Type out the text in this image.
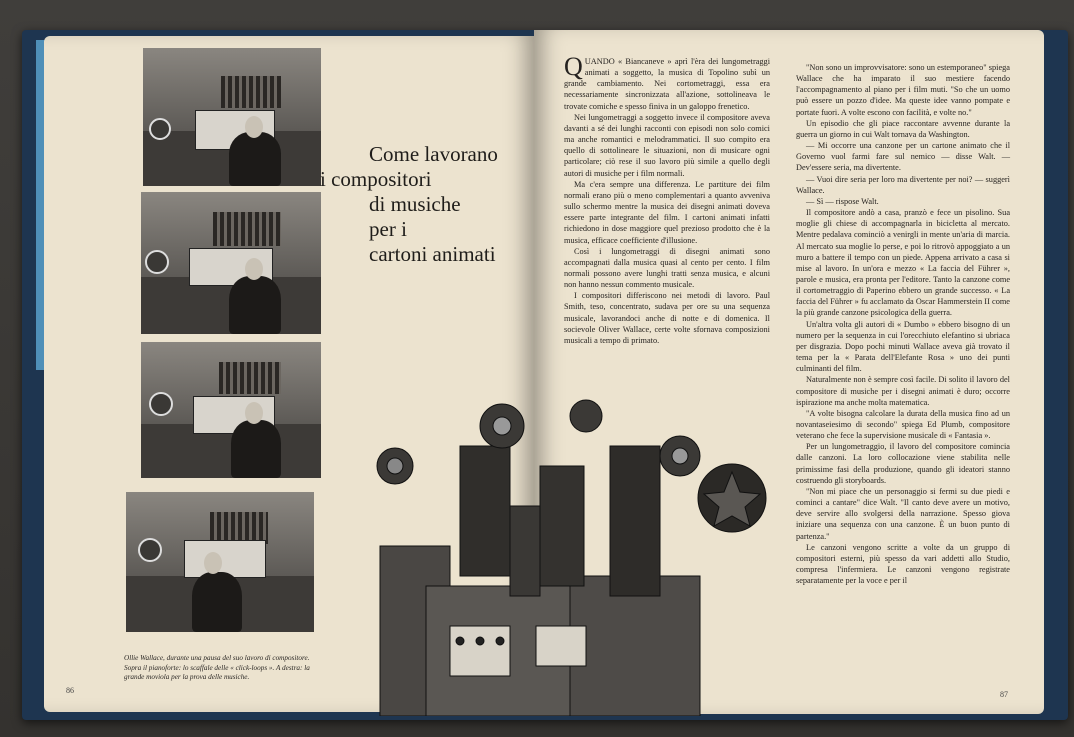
Come lavorano
i compositori
di musiche
per i
cartoni animati
Ollie Wallace, durante una pausa del suo lavoro di compositore. Sopra il pianoforte: lo scaffale delle « click-loops ». A destra: la grande moviola per la prova delle musiche.
86

QUANDO « Biancaneve » aprì l'èra dei lungometraggi animati a soggetto, la musica di Topolino subì un grande cambiamento. Nei cortometraggi, essa era necessariamente sincronizzata all'azione, sottolineava le trovate comiche e spesso finiva in un galoppo frenetico.

Nei lungometraggi a soggetto invece il compositore aveva davanti a sé dei lunghi racconti con episodi non solo comici ma anche romantici e melodrammatici. Il suo compito era quello di sottolineare le situazioni, non di musicare ogni particolare; ciò rese il suo lavoro più simile a quello degli autori di musiche per i film normali.

Ma c'era sempre una differenza. Le partiture dei film normali erano più o meno complementari a quanto avveniva sullo schermo mentre la musica dei disegni animati doveva essere parte integrante del film. I cartoni animati infatti richiedono in dose maggiore quel prezioso prodotto che è la musica, efficace coefficiente d'illusione.

Così i lungometraggi di disegni animati sono accompagnati dalla musica quasi al cento per cento. I film normali possono avere lunghi tratti senza musica, e alcuni non hanno nessun commento musicale.

I compositori differiscono nei metodi di lavoro. Paul Smith, teso, concentrato, sudava per ore su una sequenza musicale, lavorandoci anche di notte e di domenica. Il socievole Oliver Wallace, certe volte sfornava composizioni musicali a tempo di primato.

"Non sono un improvvisatore: sono un estemporaneo" spiega Wallace che ha imparato il suo mestiere facendo l'accompagnamento al piano per i film muti. "So che un uomo può essere un pozzo d'idee. Ma queste idee vanno pompate e portate fuori. A volte escono con facilità, e volte no."

Un episodio che gli piace raccontare avvenne durante la guerra un giorno in cui Walt tornava da Washington.

— Mi occorre una canzone per un cartone animato che il Governo vuol farmi fare sul nemico — disse Walt. — Dev'essere seria, ma divertente.

— Vuoi dire seria per loro ma divertente per noi? — suggerì Wallace.

— Sì — rispose Walt.

Il compositore andò a casa, pranzò e fece un pisolino. Sua moglie gli chiese di accompagnarla in bicicletta al mercato. Mentre pedalava cominciò a venirgli in mente un'aria di marcia. Al mercato sua moglie lo perse, e poi lo ritrovò appoggiato a un muro a battere il tempo con un piede. Appena arrivato a casa si mise al lavoro. In un'ora e mezzo « La faccia del Führer », parole e musica, era pronta per l'editore. Tanto la canzone come il cortometraggio di Paperino ebbero un grande successo. « La faccia del Führer » fu acclamato da Oscar Hammerstein II come la più grande canzone psicologica della guerra.

Un'altra volta gli autori di « Dumbo » ebbero bisogno di un numero per la sequenza in cui l'orecchiuto elefantino si ubriaca per disgrazia. Dopo pochi minuti Wallace aveva già trovato il tema per la « Parata dell'Elefante Rosa » uno dei punti culminanti del film.

Naturalmente non è sempre così facile. Di solito il lavoro del compositore di musiche per i disegni animati è duro; occorre ispirazione ma anche molta matematica.

"A volte bisogna calcolare la durata della musica fino ad un novantaseiesimo di secondo" spiega Ed Plumb, compositore veterano che fece la supervisione musicale di « Fantasia ».

Per un lungometraggio, il lavoro del compositore comincia dalle canzoni. La loro collocazione viene stabilita nelle primissime fasi della produzione, quando gli ideatori stanno costruendo gli storyboards.

"Non mi piace che un personaggio si fermi su due piedi e cominci a cantare" dice Walt. "Il canto deve avere un motivo, deve servire allo svolgersi della narrazione. Spesso giova iniziare una sequenza con una canzone. È un buon punto di partenza."

Le canzoni vengono scritte a volte da un gruppo di compositori esterni, più spesso da vari addetti allo Studio, compresa l'infermiera. Le canzoni vengono registrate separatamente per la voce e per il

87
